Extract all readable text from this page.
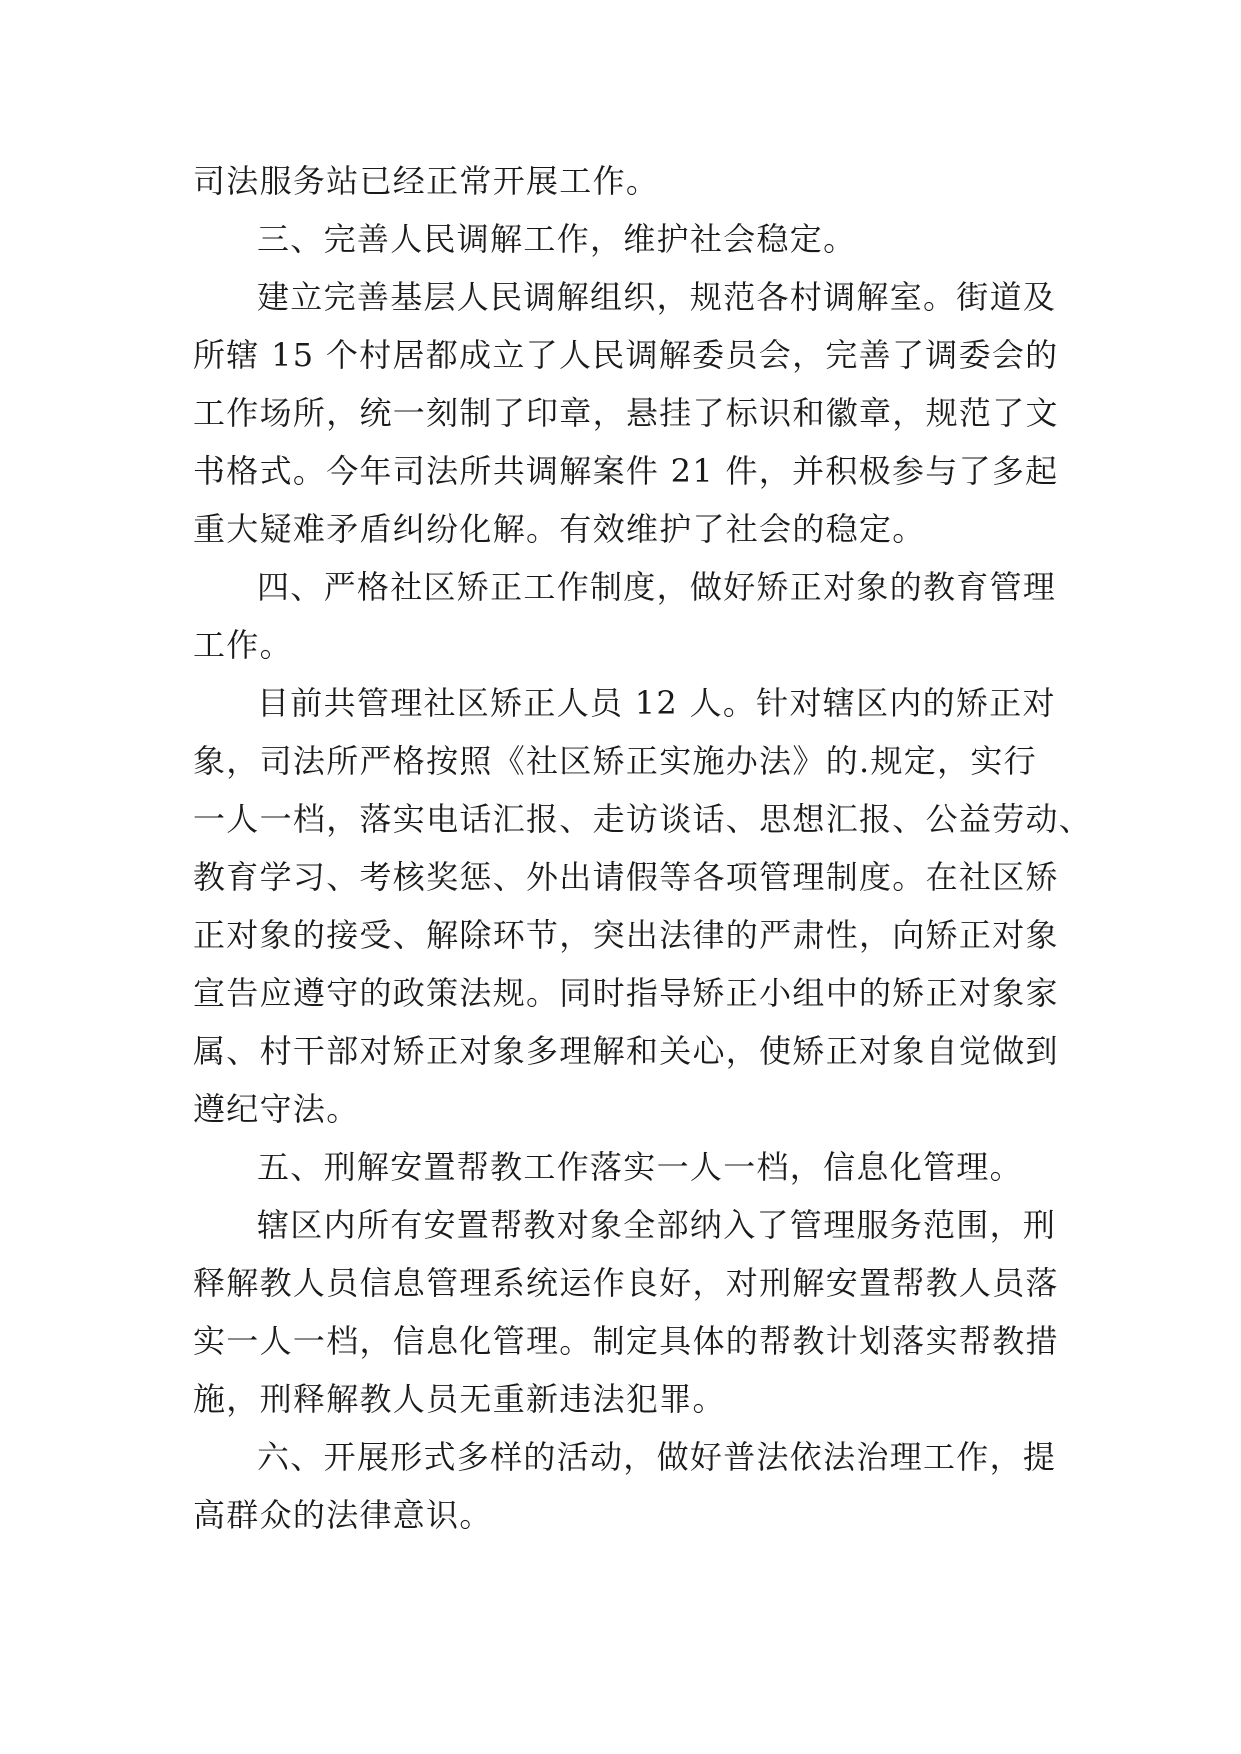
司法服务站已经正常开展工作。
三、完善人民调解工作，维护社会稳定。
建立完善基层人民调解组织，规范各村调解室。街道及
所辖 15 个村居都成立了人民调解委员会，完善了调委会的
工作场所，统一刻制了印章，悬挂了标识和徽章，规范了文
书格式。今年司法所共调解案件 21 件，并积极参与了多起
重大疑难矛盾纠纷化解。有效维护了社会的稳定。
四、严格社区矫正工作制度，做好矫正对象的教育管理
工作。
目前共管理社区矫正人员 12 人。针对辖区内的矫正对
象，司法所严格按照《社区矫正实施办法》的.规定，实行
一人一档，落实电话汇报、走访谈话、思想汇报、公益劳动、
教育学习、考核奖惩、外出请假等各项管理制度。在社区矫
正对象的接受、解除环节，突出法律的严肃性，向矫正对象
宣告应遵守的政策法规。同时指导矫正小组中的矫正对象家
属、村干部对矫正对象多理解和关心，使矫正对象自觉做到
遵纪守法。
五、刑解安置帮教工作落实一人一档，信息化管理。
辖区内所有安置帮教对象全部纳入了管理服务范围，刑
释解教人员信息管理系统运作良好，对刑解安置帮教人员落
实一人一档，信息化管理。制定具体的帮教计划落实帮教措
施，刑释解教人员无重新违法犯罪。
六、开展形式多样的活动，做好普法依法治理工作，提
高群众的法律意识。
